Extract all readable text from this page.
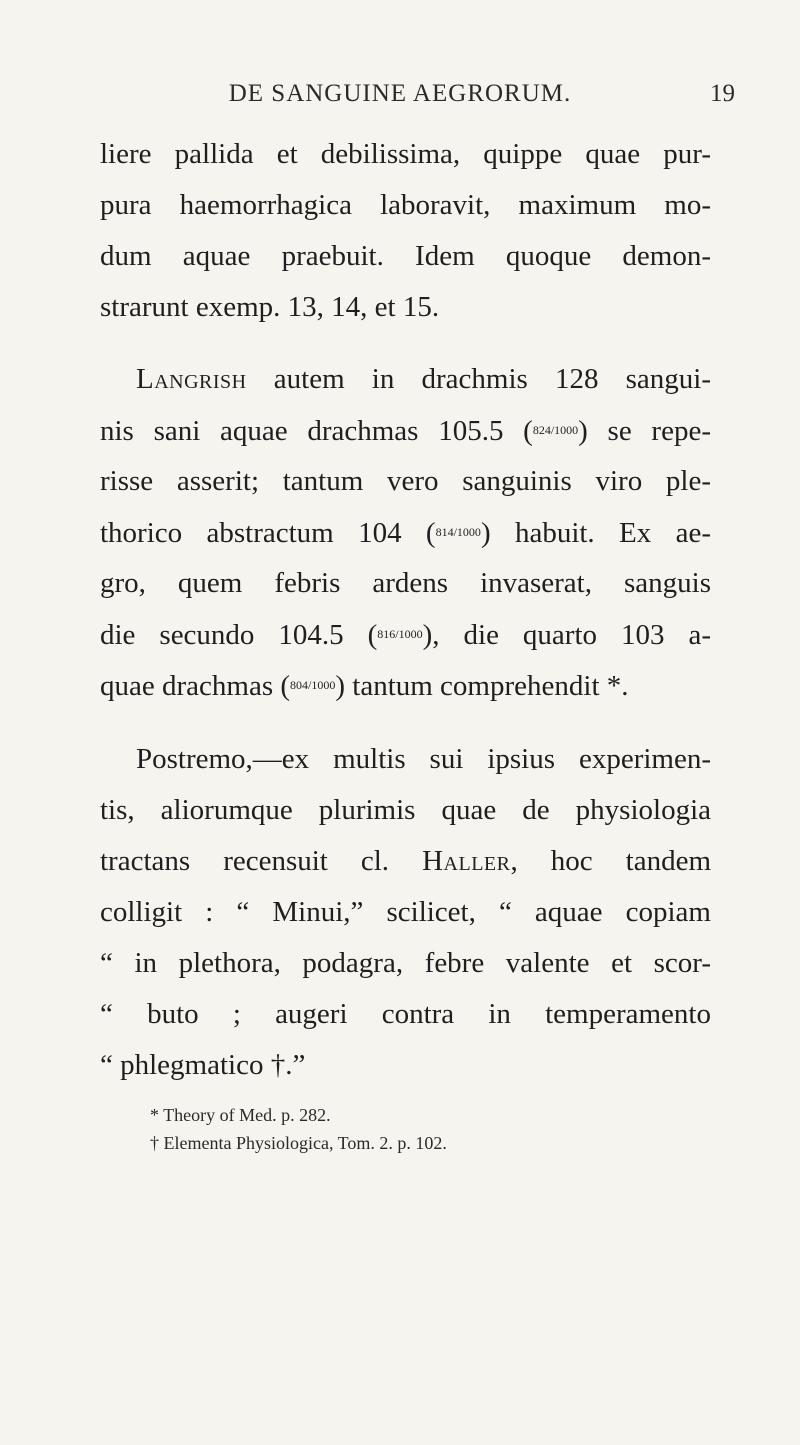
DE SANGUINE AEGRORUM.	19
liere pallida et debilissima, quippe quae pur-
pura haemorrhagica laboravit, maximum mo-
dum aquae praebuit. Idem quoque demon-
strarunt exemp. 13, 14, et 15.
Langrish autem in drachmis 128 sangui-
nis sani aquae drachmas 105.5 (824/1000) se repe-
risse asserit; tantum vero sanguinis viro ple-
thorico abstractum 104 (814/1000) habuit. Ex ae-
gro, quem febris ardens invaserat, sanguis
die secundo 104.5 (816/1000), die quarto 103 a-
quae drachmas (804/1000) tantum comprehendit *.
Postremo,—ex multis sui ipsius experimen-
tis, aliorumque plurimis quae de physiologia
tractans recensuit cl. Haller, hoc tandem
colligit : “ Minui,” scilicet, “ aquae copiam
“ in plethora, podagra, febre valente et scor-
“ buto ; augeri contra in temperamento
“ phlegmatico †.”
* Theory of Med. p. 282.
† Elementa Physiologica, Tom. 2. p. 102.
